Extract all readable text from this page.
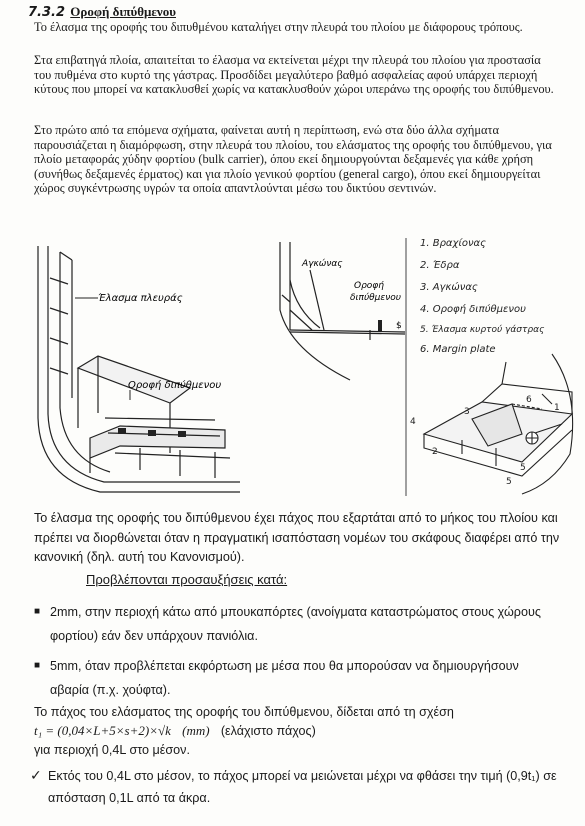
7.3.2 Οροφή διπύθμενου

Το έλασμα της οροφής του διπυθμένου καταλήγει στην πλευρά του πλοίου με διάφορους τρόπους.

Στα επιβατηγά πλοία, απαιτείται το έλασμα να εκτείνεται μέχρι την πλευρά του πλοίου για προστασία του πυθμένα στο κυρτό της γάστρας. Προσδίδει μεγαλύτερο βαθμό ασφαλείας αφού υπάρχει περιοχή κύτους που μπορεί να κατακλυσθεί χωρίς να κατακλυσθούν χώροι υπεράνω της οροφής του διπύθμενου.

Στο πρώτο από τα επόμενα σχήματα, φαίνεται αυτή η περίπτωση, ενώ στα δύο άλλα σχήματα παρουσιάζεται η διαμόρφωση, στην πλευρά του πλοίου, του ελάσματος της οροφής του διπύθμενου, για πλοίο μεταφοράς χύδην φορτίου (bulk carrier), όπου εκεί δημιουργούνται δεξαμενές για κάθε χρήση (συνήθως δεξαμενές έρματος) και για πλοίο γενικού φορτίου (general cargo), όπου εκεί δημιουργείται χώρος συγκέντρωσης υγρών τα οποία απαντλούνται μέσω του δικτύου σεντινών.

Έλασμα πλευράς
Οροφή διπύθμενου
Αγκώνας
Οροφή
διπύθμενου
$
1. Βραχίονας
2. Έδρα
3. Αγκώνας
4. Οροφή διπύθμενου
5. Έλασμα κυρτού γάστρας
6. Margin plate
1
2
3
4
5
6
5

Το έλασμα της οροφής του διπύθμενου έχει πάχος που εξαρτάται από το μήκος του πλοίου και πρέπει να διορθώνεται όταν η πραγματική ισαπόσταση νομέων του σκάφους διαφέρει από την κανονική (δηλ. αυτή του Κανονισμού).

Προβλέπονται προσαυξήσεις κατά:
■ 2mm, στην περιοχή κάτω από μπουκαπόρτες (ανοίγματα καταστρώματος στους χώρους φορτίου) εάν δεν υπάρχουν πανιόλια.
■ 5mm, όταν προβλέπεται εκφόρτωση με μέσα που θα μπορούσαν να δημιουργήσουν αβαρία (π.χ. χούφτα).
Το πάχος του ελάσματος της οροφής του διπύθμενου, δίδεται από τη σχέση
t₁ = (0,04×L+5×s+2)×√k (mm) (ελάχιστο πάχος)
για περιοχή 0,4L στο μέσον.
✓ Εκτός του 0,4L στο μέσον, το πάχος μπορεί να μειώνεται μέχρι να φθάσει την τιμή (0,9t₁) σε απόσταση 0,1L από τα άκρα.
